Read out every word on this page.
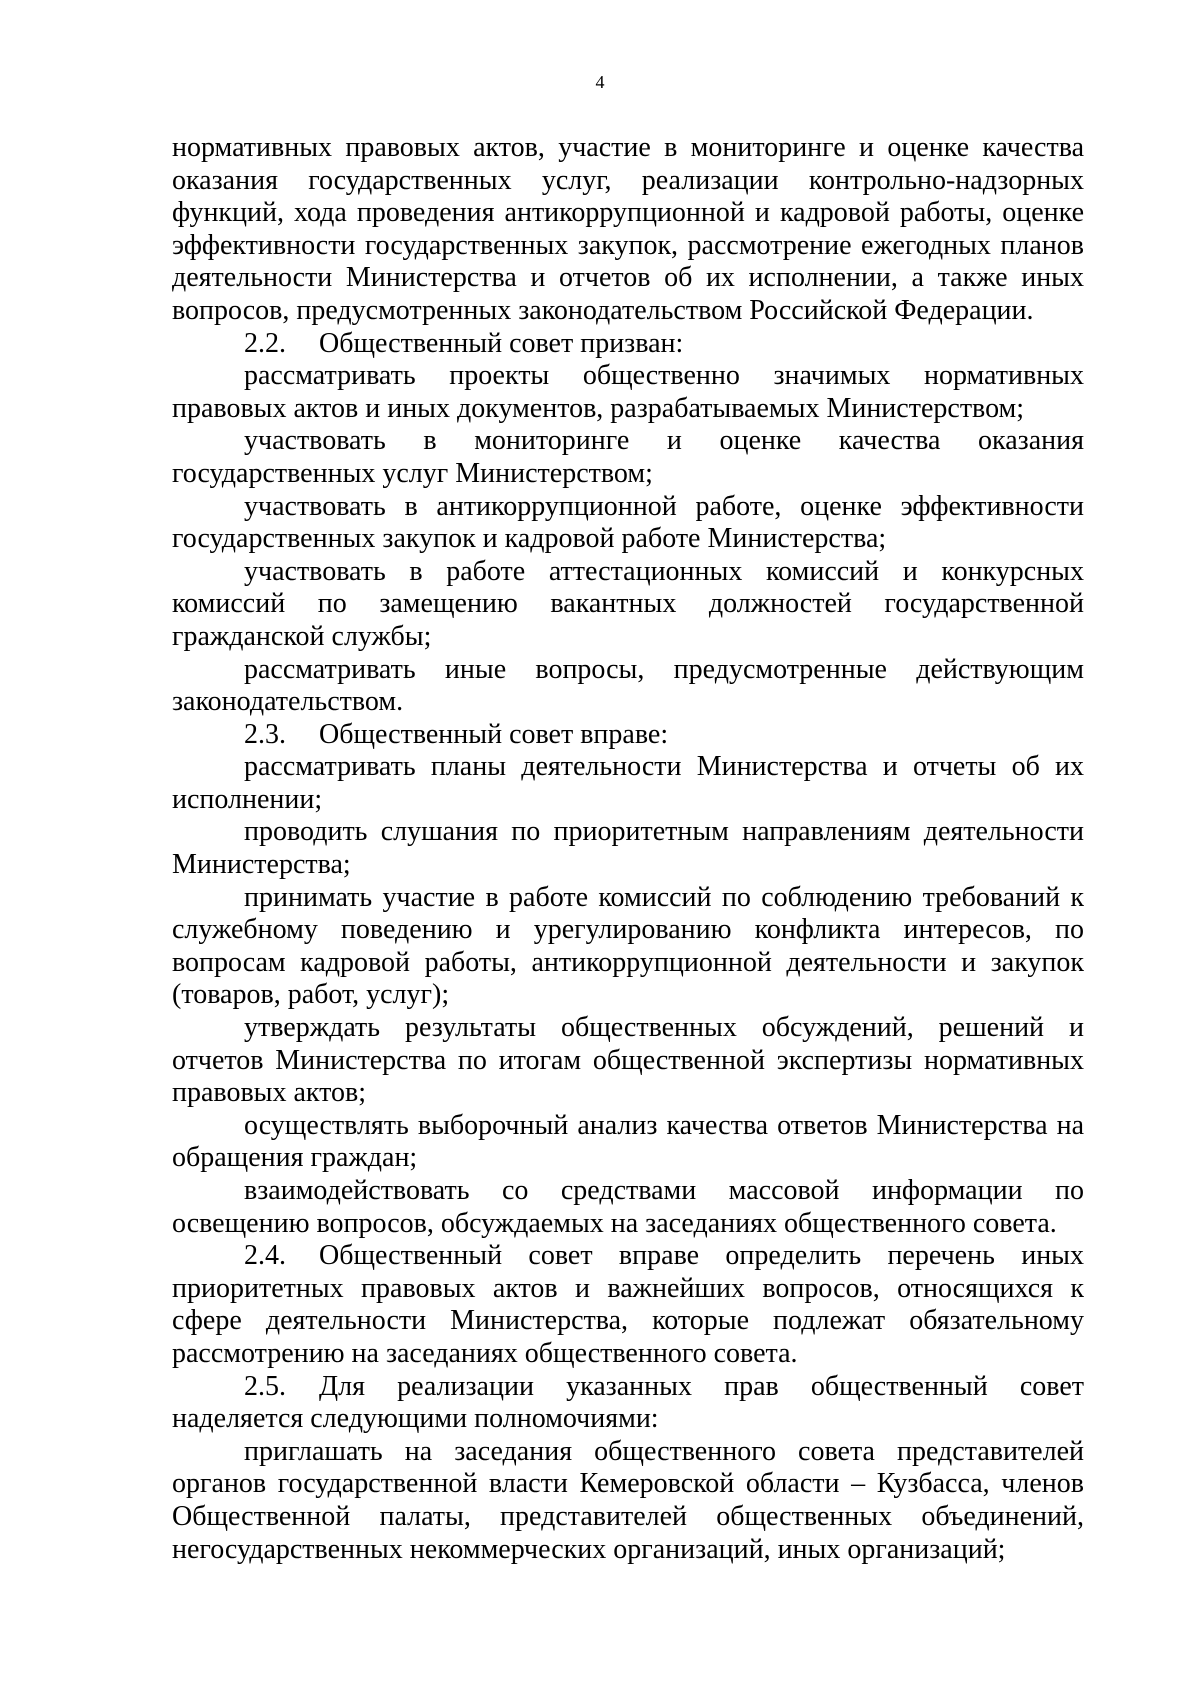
4

нормативных правовых актов, участие в мониторинге и оценке качества оказания государственных услуг, реализации контрольно-надзорных функций, хода проведения антикоррупционной и кадровой работы, оценке эффективности государственных закупок, рассмотрение ежегодных планов деятельности Министерства и отчетов об их исполнении, а также иных вопросов, предусмотренных законодательством Российской Федерации.

2.2. Общественный совет призван:

рассматривать проекты общественно значимых нормативных правовых актов и иных документов, разрабатываемых Министерством;

участвовать в мониторинге и оценке качества оказания государственных услуг Министерством;

участвовать в антикоррупционной работе, оценке эффективности государственных закупок и кадровой работе Министерства;

участвовать в работе аттестационных комиссий и конкурсных комиссий по замещению вакантных должностей государственной гражданской службы;

рассматривать иные вопросы, предусмотренные действующим законодательством.

2.3. Общественный совет вправе:

рассматривать планы деятельности Министерства и отчеты об их исполнении;

проводить слушания по приоритетным направлениям деятельности Министерства;

принимать участие в работе комиссий по соблюдению требований к служебному поведению и урегулированию конфликта интересов, по вопросам кадровой работы, антикоррупционной деятельности и закупок (товаров, работ, услуг);

утверждать результаты общественных обсуждений, решений и отчетов Министерства по итогам общественной экспертизы нормативных правовых актов;

осуществлять выборочный анализ качества ответов Министерства на обращения граждан;

взаимодействовать со средствами массовой информации по освещению вопросов, обсуждаемых на заседаниях общественного совета.

2.4. Общественный совет вправе определить перечень иных приоритетных правовых актов и важнейших вопросов, относящихся к сфере деятельности Министерства, которые подлежат обязательному рассмотрению на заседаниях общественного совета.

2.5. Для реализации указанных прав общественный совет наделяется следующими полномочиями:

приглашать на заседания общественного совета представителей органов государственной власти Кемеровской области – Кузбасса, членов Общественной палаты, представителей общественных объединений, негосударственных некоммерческих организаций, иных организаций;
